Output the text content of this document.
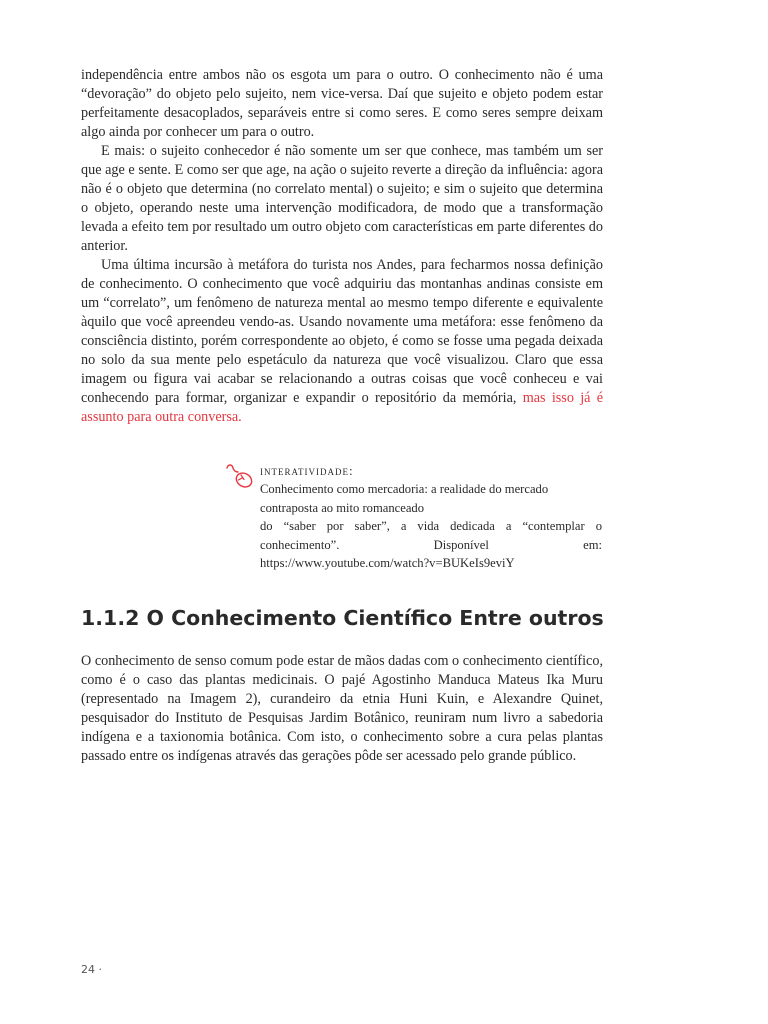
independência entre ambos não os esgota um para o outro. O conhecimento não é uma “devoração” do objeto pelo sujeito, nem vice-versa. Daí que sujeito e objeto podem estar perfeitamente desacoplados, separáveis entre si como seres. E como seres sempre deixam algo ainda por conhecer um para o outro.

E mais: o sujeito conhecedor é não somente um ser que conhece, mas também um ser que age e sente. E como ser que age, na ação o sujeito reverte a direção da influência: agora não é o objeto que determina (no correlato mental) o sujeito; e sim o sujeito que determina o objeto, operando neste uma intervenção modificadora, de modo que a transformação levada a efeito tem por resultado um outro objeto com características em parte diferentes do anterior.

Uma última incursão à metáfora do turista nos Andes, para fecharmos nossa definição de conhecimento. O conhecimento que você adquiriu das montanhas andinas consiste em um “correlato”, um fenômeno de natureza mental ao mesmo tempo diferente e equivalente àquilo que você apreendeu vendo-as. Usando novamente uma metáfora: esse fenômeno da consciência distinto, porém correspondente ao objeto, é como se fosse uma pegada deixada no solo da sua mente pelo espetáculo da natureza que você visualizou. Claro que essa imagem ou figura vai acabar se relacionando a outras coisas que você conheceu e vai conhecendo para formar, organizar e expandir o repositório da memória, mas isso já é assunto para outra conversa.

interatividade:

Conhecimento como mercadoria: a realidade do mercado contraposta ao mito romanceado

do “saber por saber”, a vida dedicada a “contemplar o conhecimento”. Disponível em:

https://www.youtube.com/watch?v=BUKeIs9eviY

1.1.2 O Conhecimento Científico Entre outros

O conhecimento de senso comum pode estar de mãos dadas com o conhecimento científico, como é o caso das plantas medicinais. O pajé Agostinho Manduca Mateus Ika Muru (representado na Imagem 2), curandeiro da etnia Huni Kuin, e Alexandre Quinet, pesquisador do Instituto de Pesquisas Jardim Botânico, reuniram num livro a sabedoria indígena e a taxionomia botânica. Com isto, o conhecimento sobre a cura pelas plantas passado entre os indígenas através das gerações pôde ser acessado pelo grande público.

24 ·
